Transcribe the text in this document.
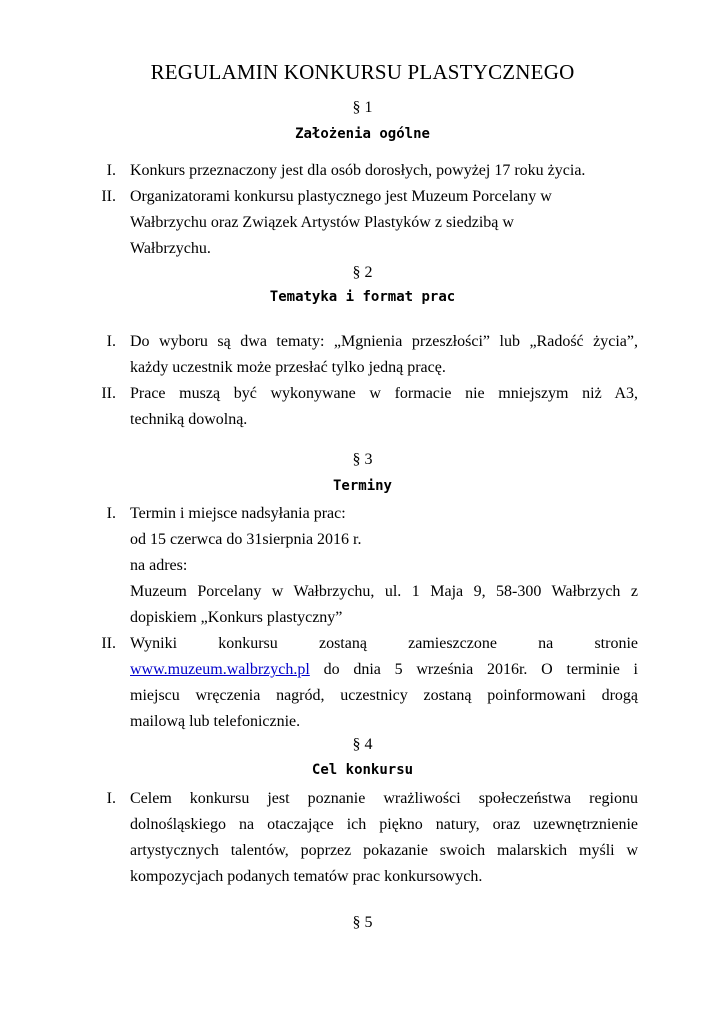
REGULAMIN KONKURSU PLASTYCZNEGO
§ 1
Założenia ogólne
I. Konkurs przeznaczony jest dla osób dorosłych, powyżej 17 roku życia.
II. Organizatorami konkursu plastycznego jest Muzeum Porcelany w
Wałbrzychu oraz Związek Artystów Plastyków z siedzibą w
Wałbrzychu.
§ 2
Tematyka i format prac
I. Do wyboru są dwa tematy: „Mgnienia przeszłości” lub „Radość życia”,
każdy uczestnik może przesłać tylko jedną pracę.
II. Prace muszą być wykonywane w formacie nie mniejszym niż A3,
techniką dowolną.
§ 3
Terminy
I. Termin i miejsce nadsyłania prac:
od 15 czerwca do 31sierpnia 2016 r.
na adres:
Muzeum Porcelany w Wałbrzychu, ul. 1 Maja 9, 58-300 Wałbrzych z
dopiskiem „Konkurs plastyczny”
II. Wyniki konkursu zostaną zamieszczone na stronie
www.muzeum.walbrzych.pl do dnia 5 września 2016r. O terminie i
miejscu wręczenia nagród, uczestnicy zostaną poinformowani drogą
mailową lub telefonicznie.
§ 4
Cel konkursu
I. Celem konkursu jest poznanie wrażliwości społeczeństwa regionu
dolnośląskiego na otaczające ich piękno natury, oraz uzewnętrznienie
artystycznych talentów, poprzez pokazanie swoich malarskich myśli w
kompozycjach podanych tematów prac konkursowych.
§ 5
